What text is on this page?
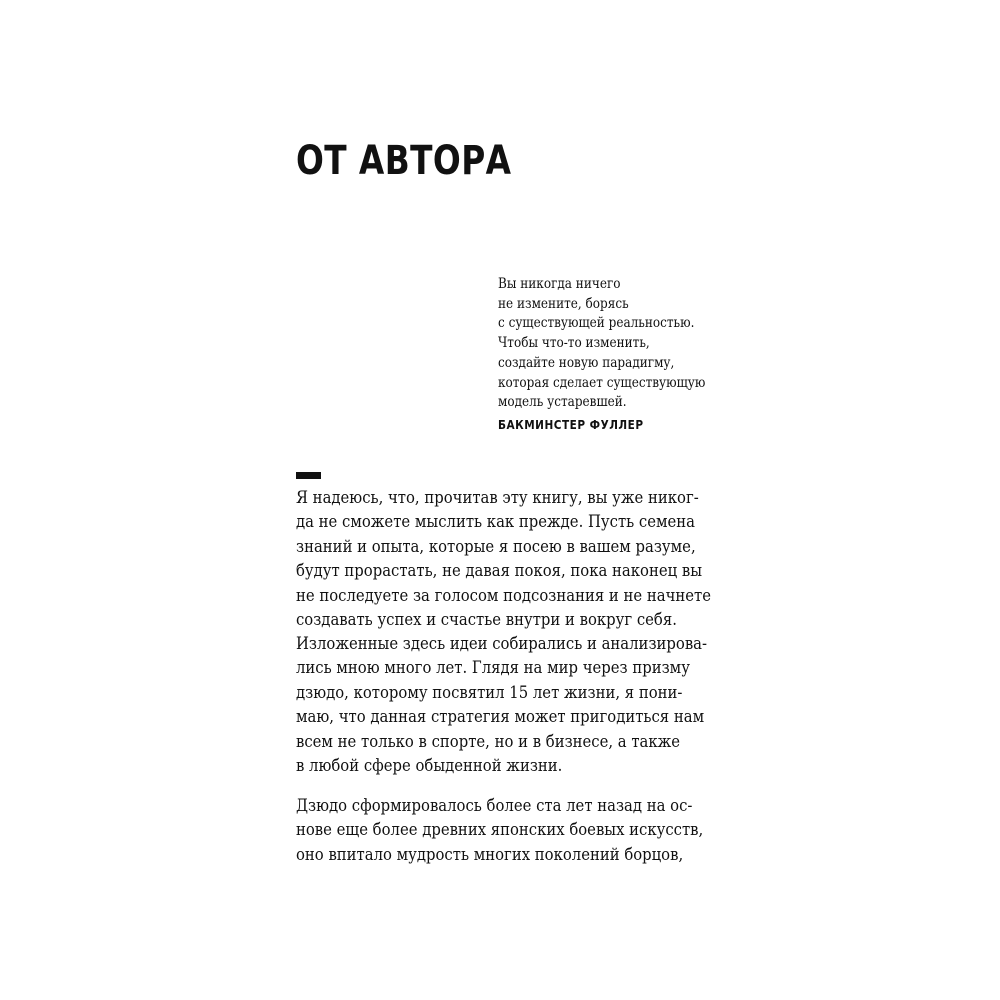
ОТ АВТОРА
Вы никогда ничего
не измените, борясь
с существующей реальностью.
Чтобы что-то изменить,
создайте новую парадигму,
которая сделает существующую
модель устаревшей.
БАКМИНСТЕР ФУЛЛЕР
Я надеюсь, что, прочитав эту книгу, вы уже никог-
да не сможете мыслить как прежде. Пусть семена
знаний и опыта, которые я посею в вашем разуме,
будут прорастать, не давая покоя, пока наконец вы
не последуете за голосом подсознания и не начнете
создавать успех и счастье внутри и вокруг себя.
Изложенные здесь идеи собирались и анализирова-
лись мною много лет. Глядя на мир через призму
дзюдо, которому посвятил 15 лет жизни, я пони-
маю, что данная стратегия может пригодиться нам
всем не только в спорте, но и в бизнесе, а также
в любой сфере обыденной жизни.
Дзюдо сформировалось более ста лет назад на ос-
нове еще более древних японских боевых искусств,
оно впитало мудрость многих поколений борцов,
